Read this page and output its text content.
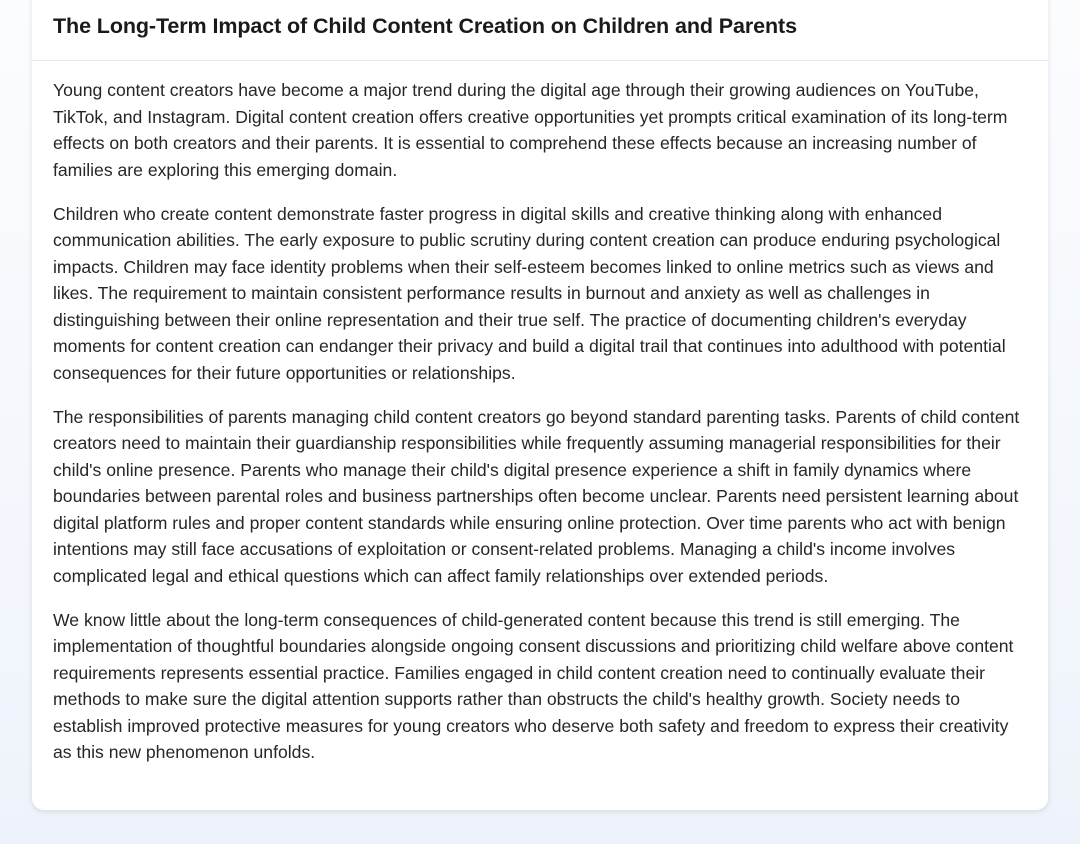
The Long-Term Impact of Child Content Creation on Children and Parents

Young content creators have become a major trend during the digital age through their growing audiences on YouTube, TikTok, and Instagram. Digital content creation offers creative opportunities yet prompts critical examination of its long-term effects on both creators and their parents. It is essential to comprehend these effects because an increasing number of families are exploring this emerging domain.

Children who create content demonstrate faster progress in digital skills and creative thinking along with enhanced communication abilities. The early exposure to public scrutiny during content creation can produce enduring psychological impacts. Children may face identity problems when their self-esteem becomes linked to online metrics such as views and likes. The requirement to maintain consistent performance results in burnout and anxiety as well as challenges in distinguishing between their online representation and their true self. The practice of documenting children's everyday moments for content creation can endanger their privacy and build a digital trail that continues into adulthood with potential consequences for their future opportunities or relationships.

The responsibilities of parents managing child content creators go beyond standard parenting tasks. Parents of child content creators need to maintain their guardianship responsibilities while frequently assuming managerial responsibilities for their child's online presence. Parents who manage their child's digital presence experience a shift in family dynamics where boundaries between parental roles and business partnerships often become unclear. Parents need persistent learning about digital platform rules and proper content standards while ensuring online protection. Over time parents who act with benign intentions may still face accusations of exploitation or consent-related problems. Managing a child's income involves complicated legal and ethical questions which can affect family relationships over extended periods.

We know little about the long-term consequences of child-generated content because this trend is still emerging. The implementation of thoughtful boundaries alongside ongoing consent discussions and prioritizing child welfare above content requirements represents essential practice. Families engaged in child content creation need to continually evaluate their methods to make sure the digital attention supports rather than obstructs the child's healthy growth. Society needs to establish improved protective measures for young creators who deserve both safety and freedom to express their creativity as this new phenomenon unfolds.
